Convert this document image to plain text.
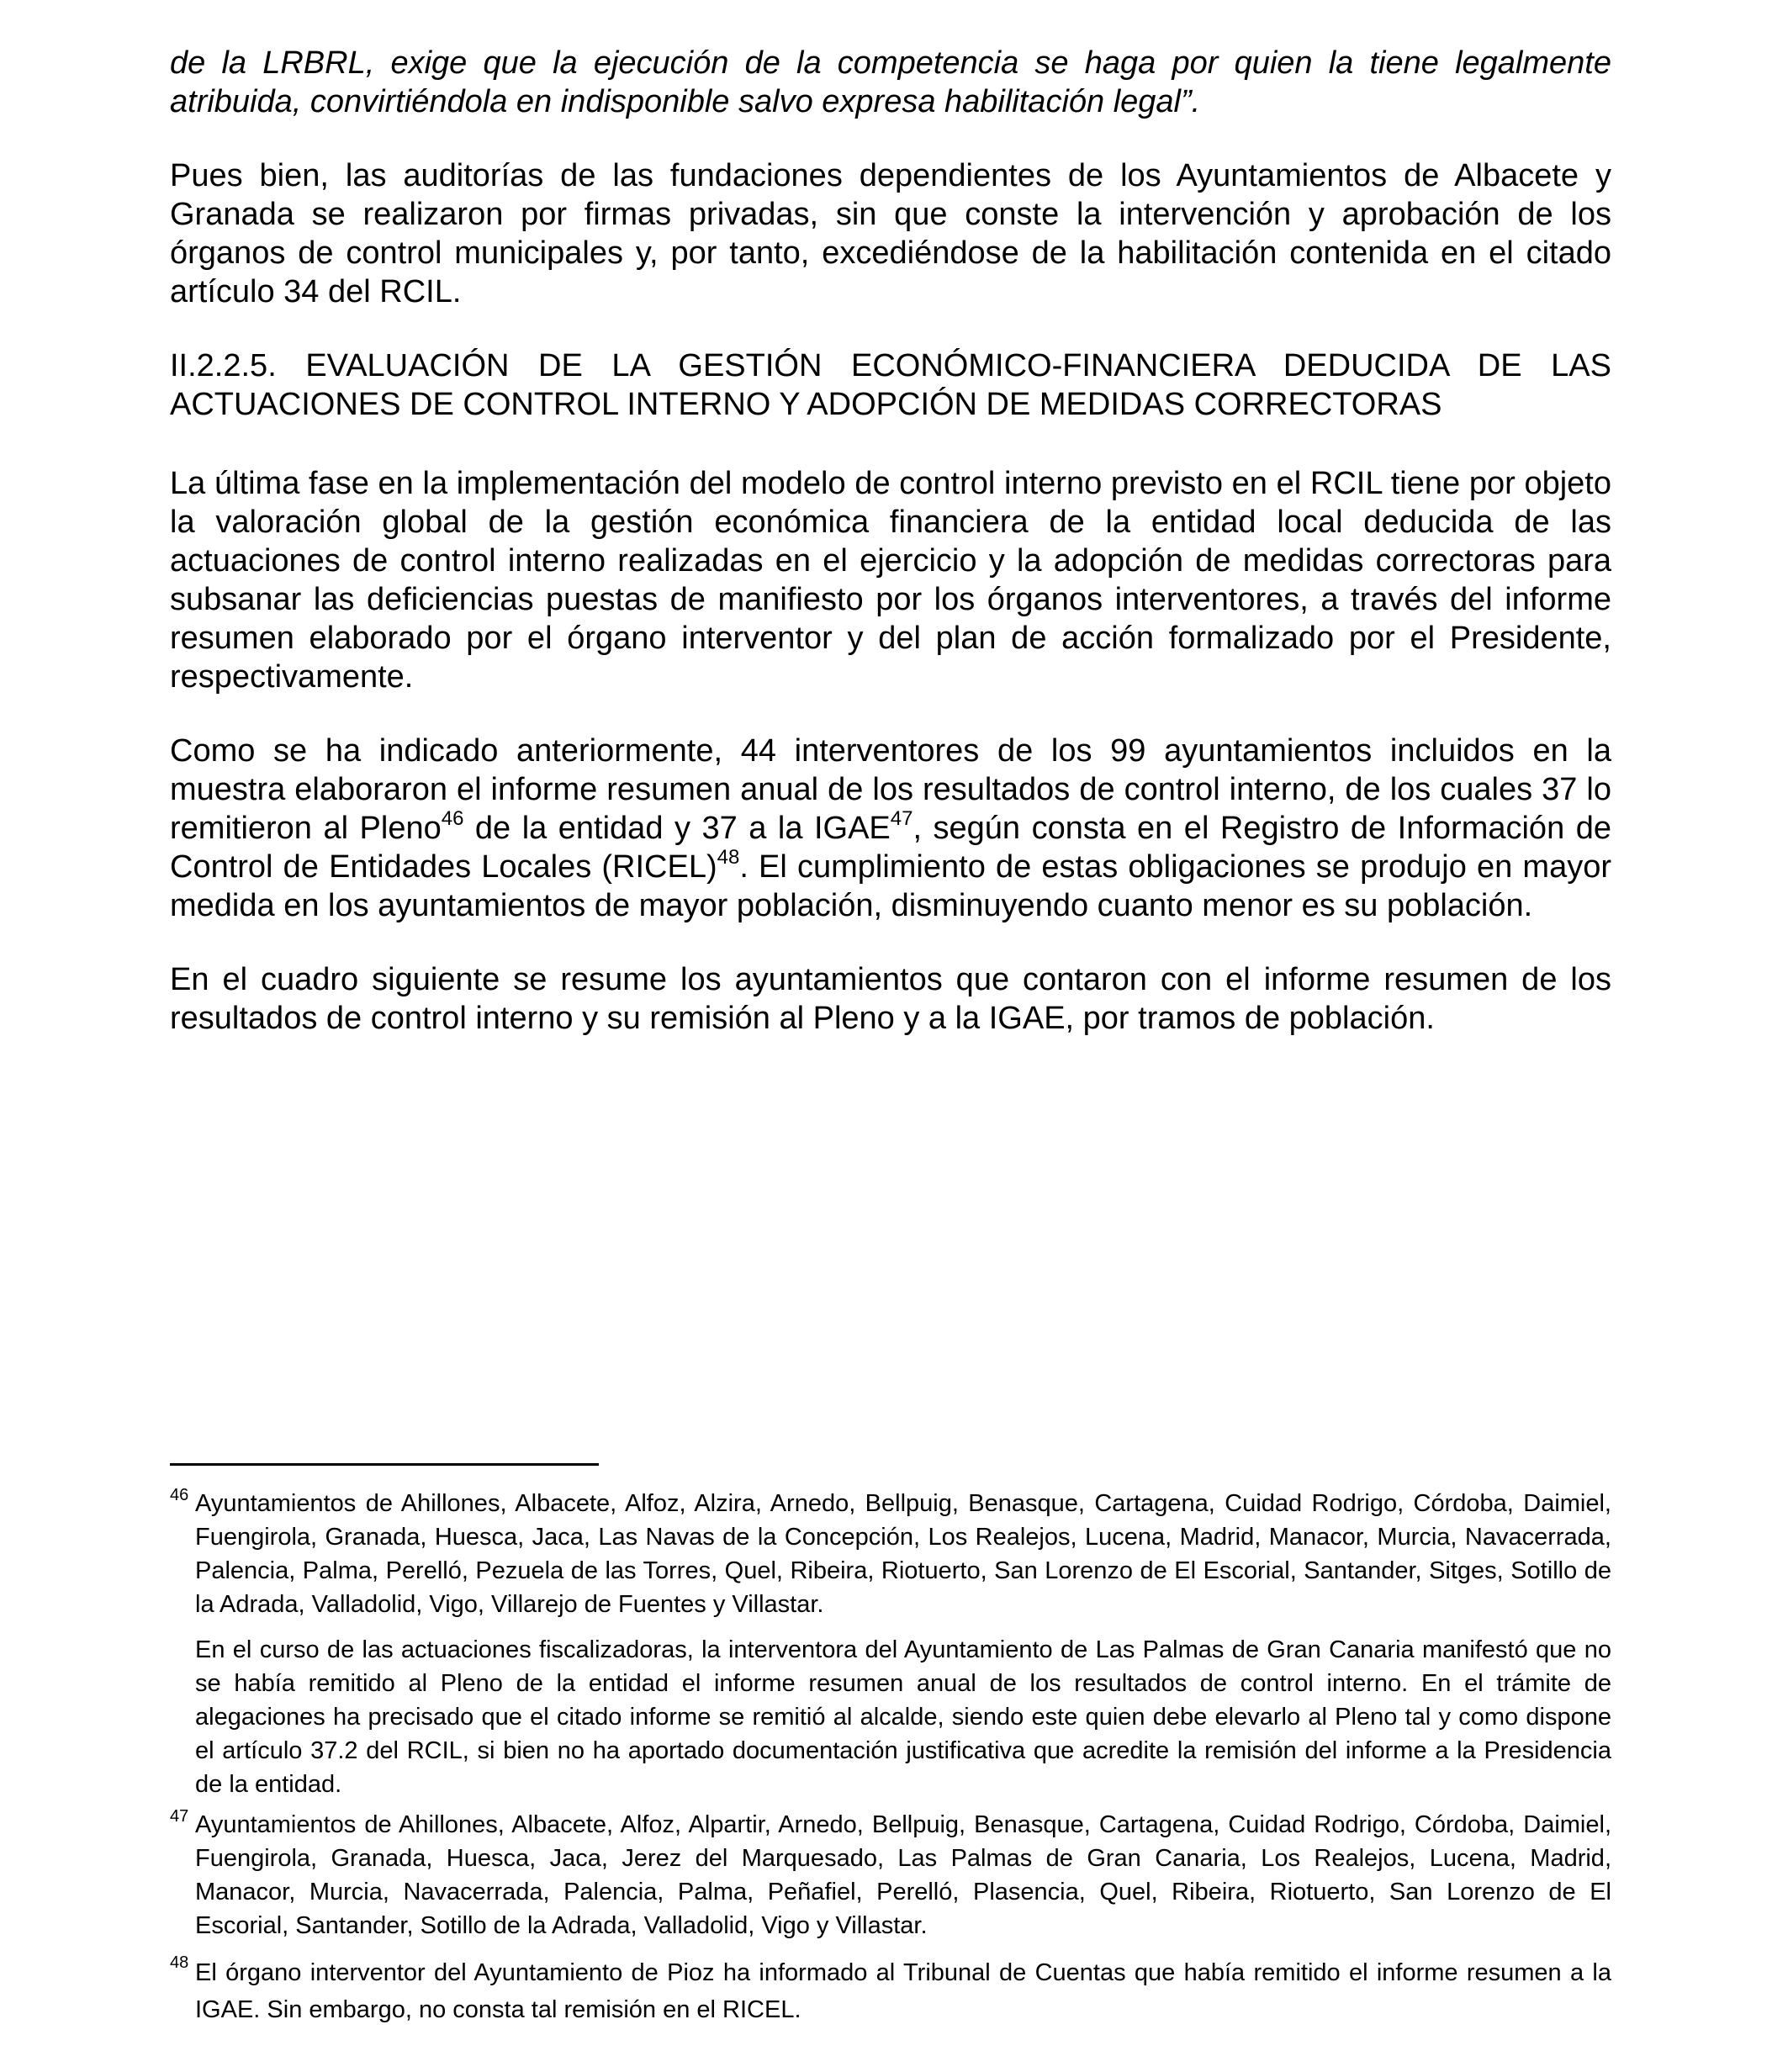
de la LRBRL, exige que la ejecución de la competencia se haga por quien la tiene legalmente atribuida, convirtiéndola en indisponible salvo expresa habilitación legal”.

Pues bien, las auditorías de las fundaciones dependientes de los Ayuntamientos de Albacete y Granada se realizaron por firmas privadas, sin que conste la intervención y aprobación de los órganos de control municipales y, por tanto, excediéndose de la habilitación contenida en el citado artículo 34 del RCIL.

II.2.2.5. EVALUACIÓN DE LA GESTIÓN ECONÓMICO-FINANCIERA DEDUCIDA DE LAS ACTUACIONES DE CONTROL INTERNO Y ADOPCIÓN DE MEDIDAS CORRECTORAS

La última fase en la implementación del modelo de control interno previsto en el RCIL tiene por objeto la valoración global de la gestión económica financiera de la entidad local deducida de las actuaciones de control interno realizadas en el ejercicio y la adopción de medidas correctoras para subsanar las deficiencias puestas de manifiesto por los órganos interventores, a través del informe resumen elaborado por el órgano interventor y del plan de acción formalizado por el Presidente, respectivamente.

Como se ha indicado anteriormente, 44 interventores de los 99 ayuntamientos incluidos en la muestra elaboraron el informe resumen anual de los resultados de control interno, de los cuales 37 lo remitieron al Pleno$^{46}$ de la entidad y 37 a la IGAE$^{47}$, según consta en el Registro de Información de Control de Entidades Locales (RICEL)$^{48}$. El cumplimiento de estas obligaciones se produjo en mayor medida en los ayuntamientos de mayor población, disminuyendo cuanto menor es su población.

En el cuadro siguiente se resume los ayuntamientos que contaron con el informe resumen de los resultados de control interno y su remisión al Pleno y a la IGAE, por tramos de población.

46 Ayuntamientos de Ahillones, Albacete, Alfoz, Alzira, Arnedo, Bellpuig, Benasque, Cartagena, Cuidad Rodrigo, Córdoba, Daimiel, Fuengirola, Granada, Huesca, Jaca, Las Navas de la Concepción, Los Realejos, Lucena, Madrid, Manacor, Murcia, Navacerrada, Palencia, Palma, Perelló, Pezuela de las Torres, Quel, Ribeira, Riotuerto, San Lorenzo de El Escorial, Santander, Sitges, Sotillo de la Adrada, Valladolid, Vigo, Villarejo de Fuentes y Villastar.
En el curso de las actuaciones fiscalizadoras, la interventora del Ayuntamiento de Las Palmas de Gran Canaria manifestó que no se había remitido al Pleno de la entidad el informe resumen anual de los resultados de control interno. En el trámite de alegaciones ha precisado que el citado informe se remitió al alcalde, siendo este quien debe elevarlo al Pleno tal y como dispone el artículo 37.2 del RCIL, si bien no ha aportado documentación justificativa que acredite la remisión del informe a la Presidencia de la entidad.
47 Ayuntamientos de Ahillones, Albacete, Alfoz, Alpartir, Arnedo, Bellpuig, Benasque, Cartagena, Cuidad Rodrigo, Córdoba, Daimiel, Fuengirola, Granada, Huesca, Jaca, Jerez del Marquesado, Las Palmas de Gran Canaria, Los Realejos, Lucena, Madrid, Manacor, Murcia, Navacerrada, Palencia, Palma, Peñafiel, Perelló, Plasencia, Quel, Ribeira, Riotuerto, San Lorenzo de El Escorial, Santander, Sotillo de la Adrada, Valladolid, Vigo y Villastar.
48 El órgano interventor del Ayuntamiento de Pioz ha informado al Tribunal de Cuentas que había remitido el informe resumen a la IGAE. Sin embargo, no consta tal remisión en el RICEL.
